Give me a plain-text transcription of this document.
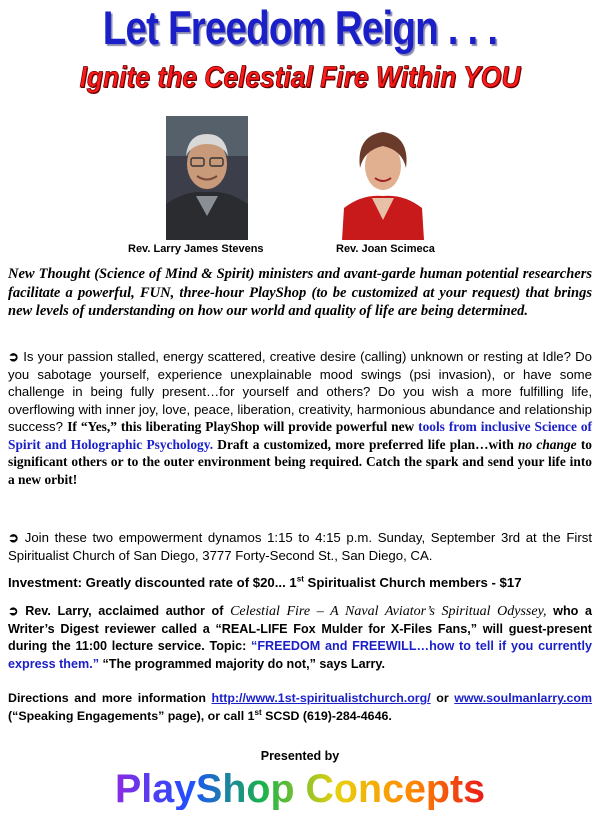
Let Freedom Reign . . .
Ignite the Celestial Fire Within YOU
Rev. Larry James Stevens	Rev. Joan Scimeca
New Thought (Science of Mind & Spirit) ministers and avant-garde human potential researchers facilitate a powerful, FUN, three-hour PlayShop (to be customized at your request) that brings new levels of understanding on how our world and quality of life are being determined.
➲ Is your passion stalled, energy scattered, creative desire (calling) unknown or resting at Idle? Do you sabotage yourself, experience unexplainable mood swings (psi invasion), or have some challenge in being fully present…for yourself and others? Do you wish a more fulfilling life, overflowing with inner joy, love, peace, liberation, creativity, harmonious abundance and relationship success? If “Yes,” this liberating PlayShop will provide powerful new tools from inclusive Science of Spirit and Holographic Psychology. Draft a customized, more preferred life plan…with no change to significant others or to the outer environment being required. Catch the spark and send your life into a new orbit!
➲ Join these two empowerment dynamos 1:15 to 4:15 p.m. Sunday, September 3rd at the First Spiritualist Church of San Diego, 3777 Forty-Second St., San Diego, CA.
Investment: Greatly discounted rate of $20... 1st Spiritualist Church members - $17
➲ Rev. Larry, acclaimed author of Celestial Fire – A Naval Aviator’s Spiritual Odyssey, who a Writer’s Digest reviewer called a “REAL-LIFE Fox Mulder for X-Files Fans,” will guest-present during the 11:00 lecture service. Topic: “FREEDOM and FREEWILL…how to tell if you currently express them.” “The programmed majority do not,” says Larry.
Directions and more information http://www.1st-spiritualistchurch.org/ or www.soulmanlarry.com (“Speaking Engagements” page), or call 1st SCSD (619)-284-4646.
Presented by
PlayShop Concepts
